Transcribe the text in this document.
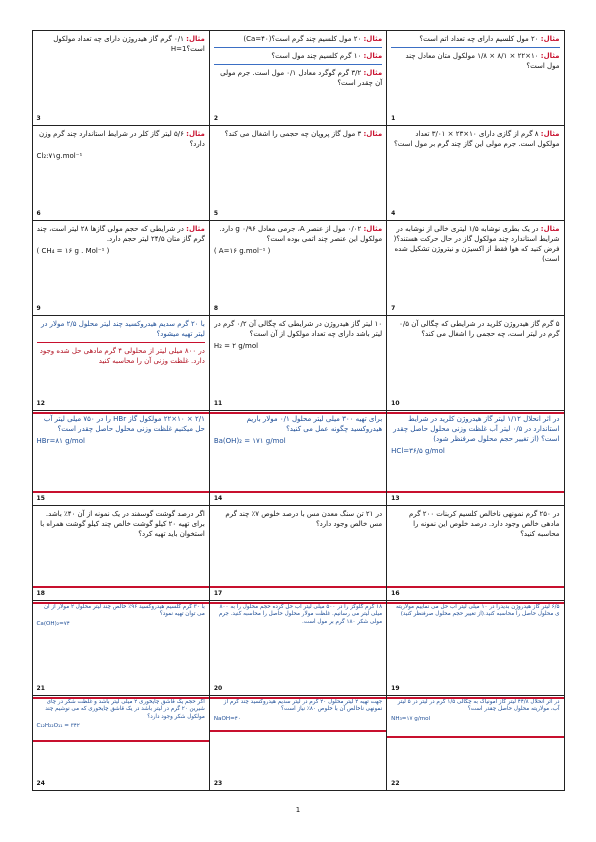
مثال: ۲۰ مول کلسیم دارای چه تعداد اتم است؟

مثال: ۱۰×۲۲ × ۸/۱ × ۱/۸ مولکول متان معادل چند مول است؟

1

مثال: ۲۰ مول کلسیم چند گرم است؟(Ca=۴۰)

مثال: ۱۰ گرم کلسیم چند مول است؟

مثال: ۳/۲ گرم گوگرد معادل ۰/۱ مول است. جرم مولی آن چقدر است؟

2

مثال: ۰/۱ گرم گاز هیدروژن دارای چه تعداد مولکول است؟H=1

3

مثال: ۸ گرم از گازی دارای ۱۰×۲۳ × ۳/۰۱ تعداد مولکول است. جرم مولی این گاز چند گرم بر مول است؟

4

مثال: ۳ مول گاز پروپان چه حجمی را اشغال می کند؟

5

مثال: ۵/۶ لیتر گاز کلر در شرایط استاندارد چند گرم وزن دارد؟

Cl₂:۷۱g.mol⁻¹

6

مثال: در یک بطری نوشابه ۱/۵ لیتری خالی از نوشابه در شرایط استاندارد چند مولکول گاز در حال حرکت هستند؟( فرض کنید که هوا فقط از اکسیژن و نیتروژن تشکیل شده است)

7

مثال: ۰/۰۲ مول از عنصر A، جرمی معادل ۰/۹۶ g دارد. مولکول این عنصر چند اتمی بوده است؟

( A=۱۶ g.mol⁻¹ )

8

مثال: در شرایطی که حجم مولی گازها ۲۸ لیتر است، چند گرم گاز متان ۲۴/۵ لیتر حجم دارد.

( CH₄ = ۱۶ g . Mol⁻¹ )

9

۵ گرم گاز هیدروژن کلرید در شرایطی که چگالی آن ۰/۵ گرم در لیتر است، چه حجمی را اشغال می کند؟

10

۱۰ لیتر گاز هیدروژن در شرایطی که چگالی آن ۰/۲ گرم در لیتر باشد دارای چه تعداد مولکول از آن است؟

H₂ = ۲ g/mol

11

با ۲۰ گرم سدیم هیدروکسید چند لیتر محلول ۲/۵ مولار در لیتر تهیه میشود؟

در ۸۰۰ میلی لیتر از محلولی ۴ گرم مادهی حل شده وجود دارد. غلظت وزنی آن را محاسبه کنید

12

در اثر انحلال ۱/۱۲ لیتر گاز هیدروژن کلرید در شرایط استاندارد در ۰/۵ لیتر آب غلظت وزنی محلول حاصل چقدر است؟ (از تغییر حجم محلول صرفنظر شود)

HCl=۳۶/۵ g/mol

13

برای تهیه ۳۰۰ میلی لیتر محلول ۰/۱ مولار باریم هیدروکسید چگونه عمل می کنید؟

Ba(OH)₂ = ۱۷۱ g/mol

14

۲/۱ × ۱۰×۲۲ مولکول گاز HBr را در ۷۵۰ میلی لیتر آب حل میکنیم غلظت وزنی محلول حاصل چقدر است؟

HBr=۸۱ g/mol

15

در ۲۵۰ گرم نمونهی ناخالص کلسیم کربنات ۲۰۰ گرم مادهی خالص وجود دارد. درصد خلوص این نمونه را محاسبه کنید؟

16

در ۲۱ تن سنگ معدن مس با درصد خلوص ۷٪ چند گرم مس خالص وجود دارد؟

17

اگر درصد گوشت گوسفند در یک نمونه از آن ۴۰٪ باشد. برای تهیه ۲۰ کیلو گوشت خالص چند کیلو گوشت همراه با استخوان باید تهیه کرد؟

18

۶/۵ لیتر گاز هیدروژن بدیدرا در ۱۰ میلی لیتر آب حل می نماییم مولاریته ی محلول حاصل را محاسبه کنید.(از تغییر حجم محلول صرفنظر کنید)

19

۱۸ گرم گلوکز را در ۵۰۰ میلی لیتر آب حل کرده حجم محلول را به ۸۰۰ میلی لیتر می رسانیم. غلظت مولار محلول حاصل را محاسبه کنید. جرم مولی شکر ۱۸۰ گرم بر مول است.

20

با ۳۰ گرم کلسیم هیدروکسید ۹۶٪ خالص چند لیتر محلول ۲ مولار از آن می توان تهیه نمود؟

Ca(OH)₂=۷۴

21

در اثر انحلال ۴۴/۸ لیتر گاز آمونیاک به چگالی ۱/۵ گرم در لیتر در ۵ لیتر آب، مولاریته محلول حاصل چقدر است؟

NH₃=۱۷ g/mol

22

جهت تهیه ۲ لیتر محلول ۲۰ گرم در لیتر سدیم هیدروکسید چند گرم از نمونهی ناخالص آن با خلوص ۸۰٪ نیاز است؟

NaOH=۴۰

23

اگر حجم یک قاشق چایخوری ۲ میلی لیتر باشد و غلظت شکر در چای شیرین ۲۰ گرم در لیتر باشد در یک قاشق چایخوری که می نوشیم چند مولکول شکر وجود دارد؟

C₁₂H₂₂O₁₁ = ۳۴۲

24
1
